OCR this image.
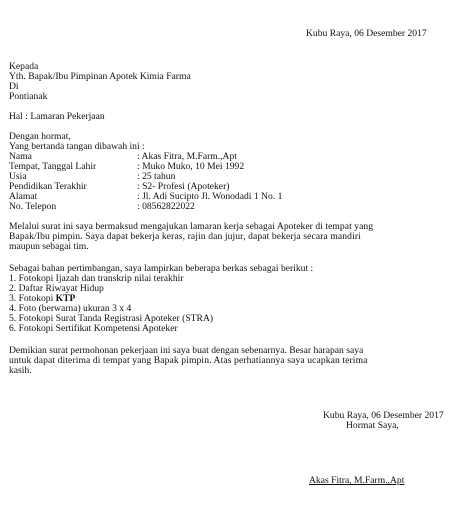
Kubu Raya, 06 Desember 2017
Kepada
Yth. Bapak/Ibu Pimpinan Apotek Kimia Farma
Di
Pontianak
Hal : Lamaran Pekerjaan
Dengan hormat,
Yang bertanda tangan dibawah ini :
Nama	: Akas Fitra, M.Farm.,Apt
Tempat, Tanggal Lahir	: Muko Muko, 10 Mei 1992
Usia	: 25 tahun
Pendidikan Terakhir	: S2- Profesi (Apoteker)
Alamat	: Jl. Adi Sucipto Jl. Wonodadi 1 No. 1
No. Telepon	: 08562822022
Melalui surat ini saya bermaksud mengajukan lamaran kerja sebagai Apoteker di tempat yang
Bapak/Ibu pimpin. Saya dapat bekerja keras, rajin dan jujur, dapat bekerja secara mandiri
maupun sebagai tim.
Sebagai bahan pertimbangan, saya lampirkan beberapa berkas sebagai berikut :
1. Fotokopi Ijazah dan transkrip nilai terakhir
2. Daftar Riwayat Hidup
3. Fotokopi KTP
4. Foto (berwarna) ukuran 3 x 4
5. Fotokopi Surat Tanda Registrasi Apoteker (STRA)
6. Fotokopi Sertifikat Kompetensi Apoteker
Demikian surat permohonan pekerjaan ini saya buat dengan sebenarnya. Besar harapan saya
untuk dapat diterima di tempat yang Bapak pimpin. Atas perhatiannya saya ucapkan terima
kasih.
Kubu Raya, 06 Desember 2017
Hormat Saya,
Akas Fitra, M.Farm.,Apt
